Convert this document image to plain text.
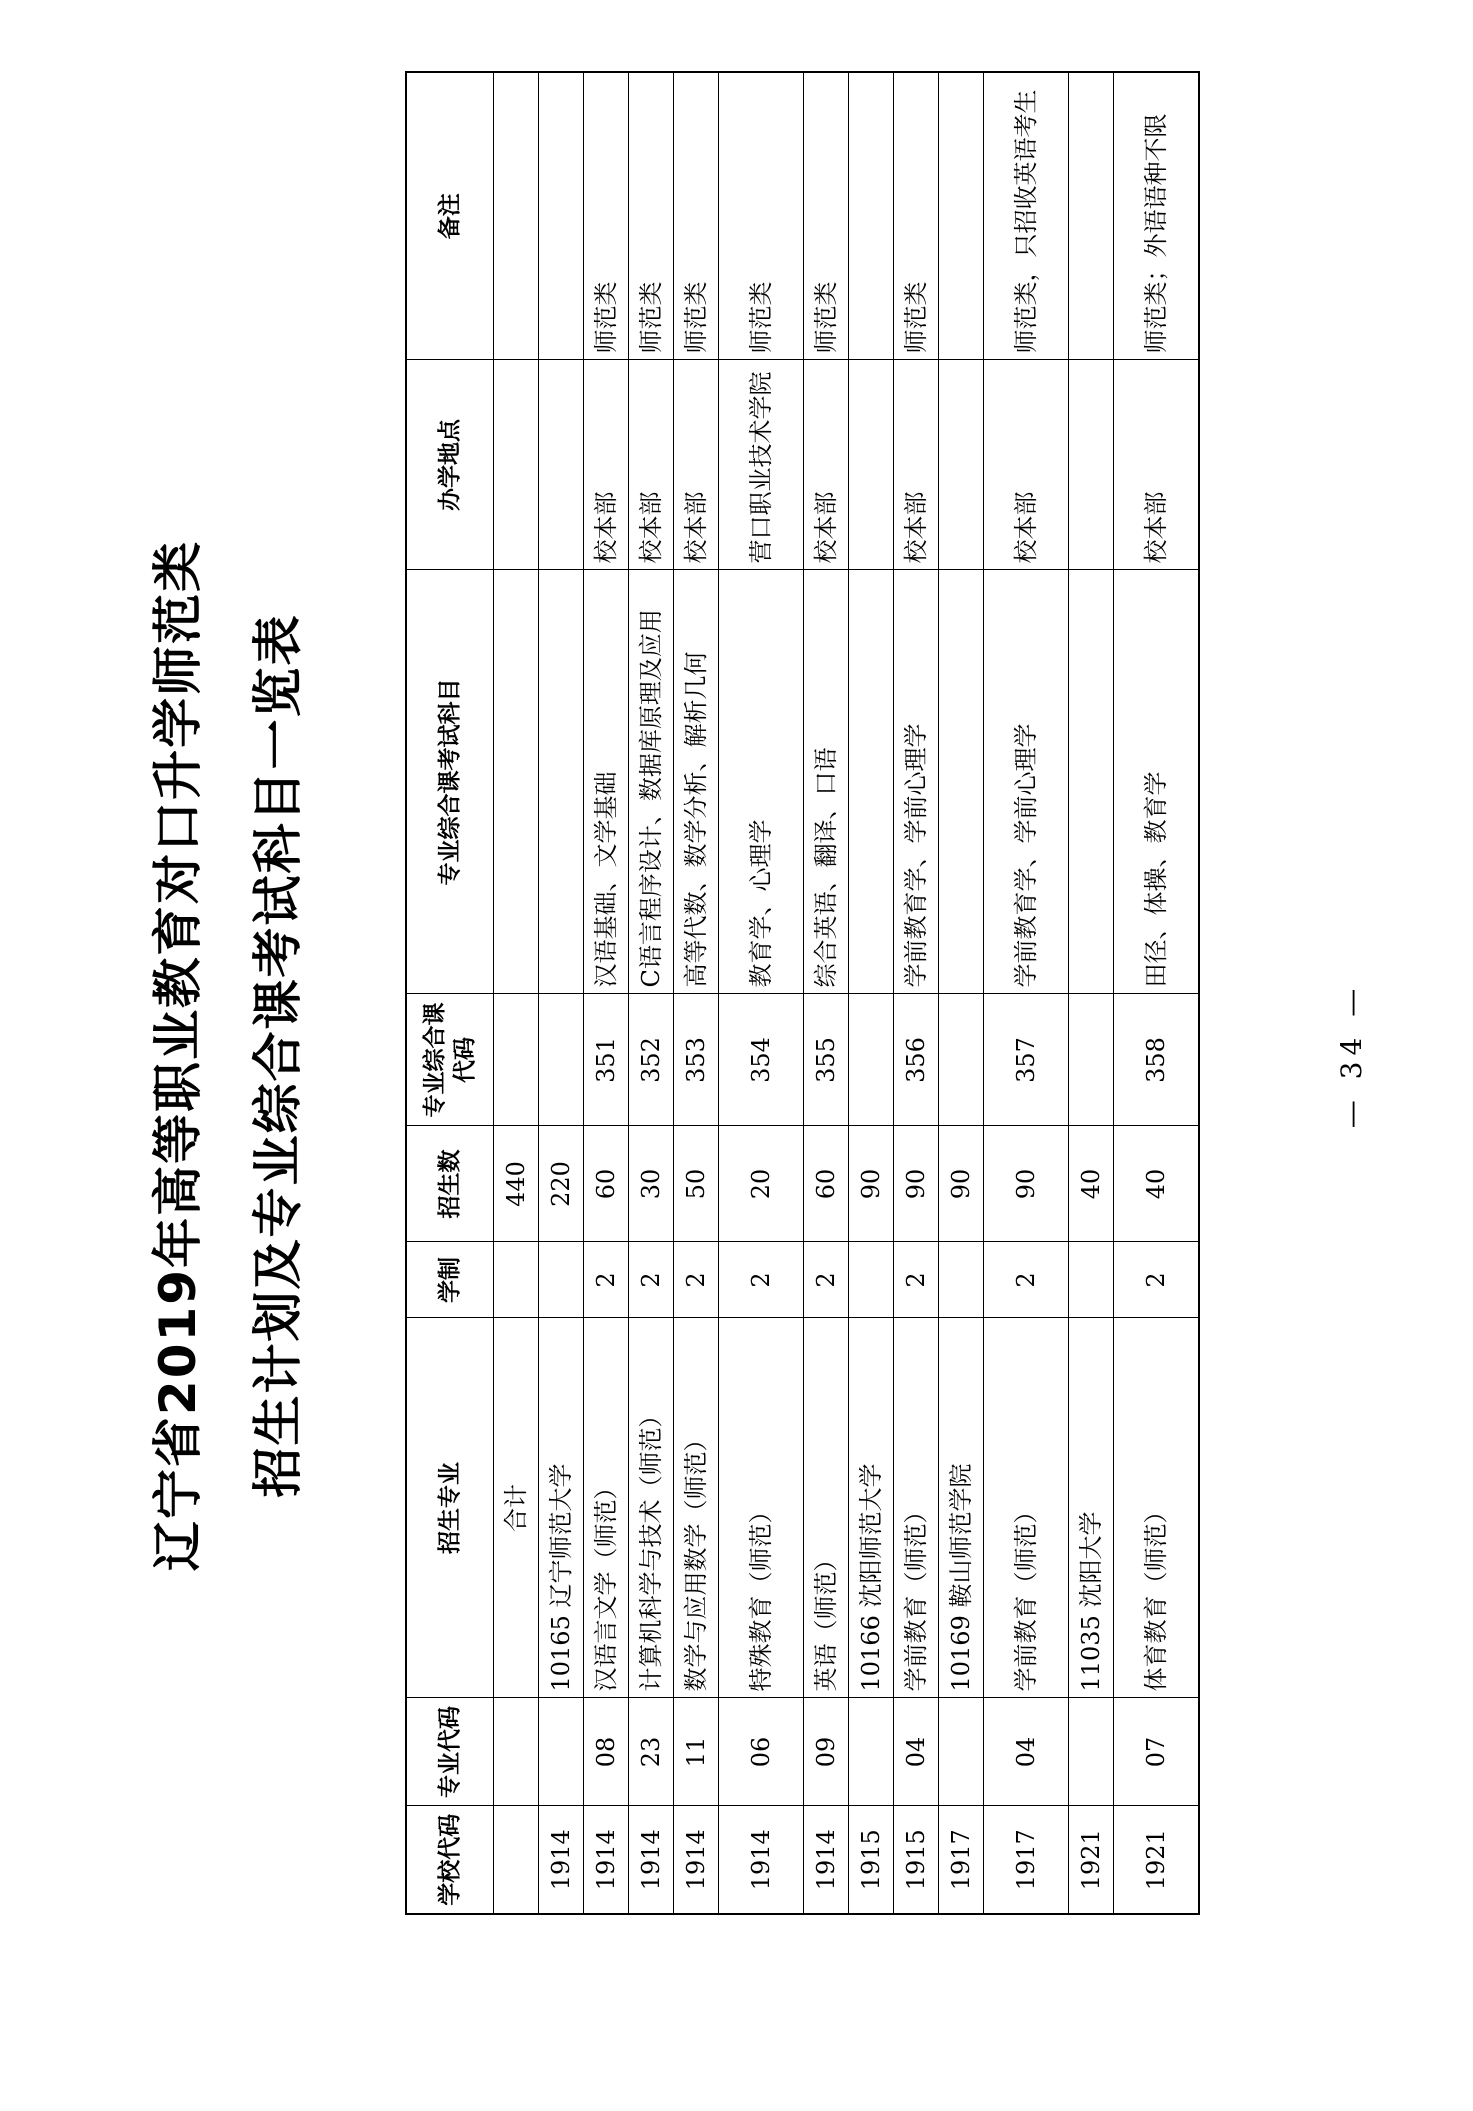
辽宁省2019年高等职业教育对口升学师范类 招生计划及专业综合课考试科目一览表
学校代码	专业代码	招生专业	学制	招生数	专业综合课代码	专业综合课考试科目	办学地点	备注
		合计		440				
1914		10165 辽宁师范大学		220				
1914	08	汉语言文学（师范）	2	60	351	汉语基础、文学基础	校本部	师范类
1914	23	计算机科学与技术（师范）	2	30	352	C语言程序设计、数据库原理及应用	校本部	师范类
1914	11	数学与应用数学（师范）	2	50	353	高等代数、数学分析、解析几何	校本部	师范类
1914	06	特殊教育（师范）	2	20	354	教育学、心理学	营口职业技术学院	师范类
1914	09	英语（师范）	2	60	355	综合英语、翻译、口语	校本部	师范类
1915		10166 沈阳师范大学		90				
1915	04	学前教育（师范）	2	90	356	学前教育学、学前心理学	校本部	师范类
1917		10169 鞍山师范学院		90				
1917	04	学前教育（师范）	2	90	357	学前教育学、学前心理学	校本部	师范类，只招收英语考生
1921		11035 沈阳大学		40				
1921	07	体育教育（师范）	2	40	358	田径、体操、教育学	校本部	师范类；外语语种不限
— 34 —
